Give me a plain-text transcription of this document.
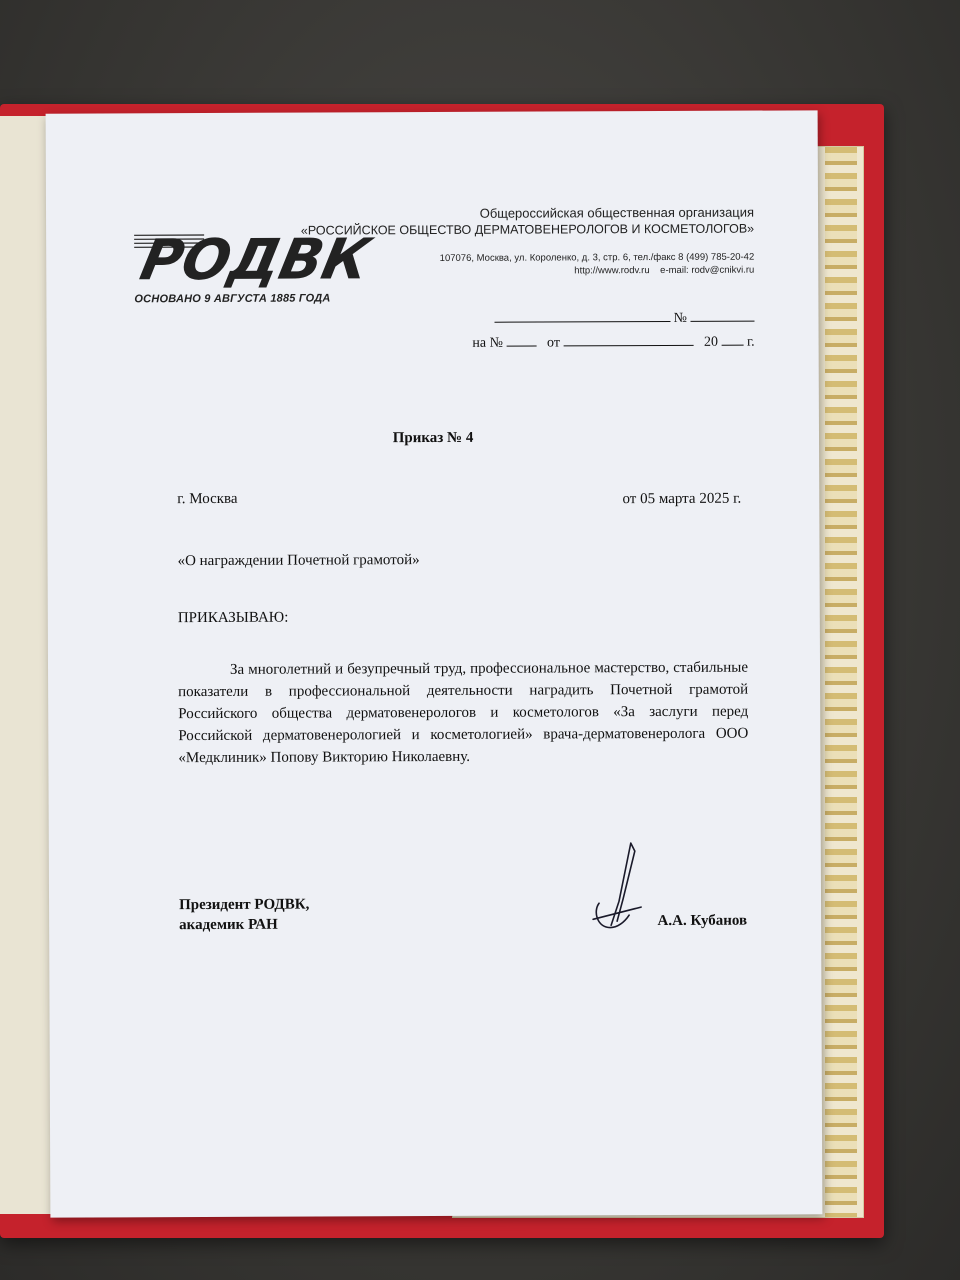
РОДВК
ОСНОВАНО 9 АВГУСТА 1885 ГОДА
Общероссийская общественная организация
«РОССИЙСКОЕ ОБЩЕСТВО ДЕРМАТОВЕНЕРОЛОГОВ И КОСМЕТОЛОГОВ»
107076, Москва, ул. Короленко, д. 3, стр. 6, тел./факс 8 (499) 785-20-42
http://www.rodv.ru e-mail: rodv@cnikvi.ru
№
на №	от	20 г.
Приказ № 4
г. Москва	от 05 марта 2025 г.
«О награждении Почетной грамотой»
ПРИКАЗЫВАЮ:
За многолетний и безупречный труд, профессиональное мастерство, стабильные показатели в профессиональной деятельности наградить Почетной грамотой Российского общества дерматовенерологов и косметологов «За заслуги перед Российской дерматовенерологией и косметологией» врача-дерматовенеролога ООО «Медклиник» Попову Викторию Николаевну.
Президент РОДВК,
академик РАН	А.А. Кубанов
